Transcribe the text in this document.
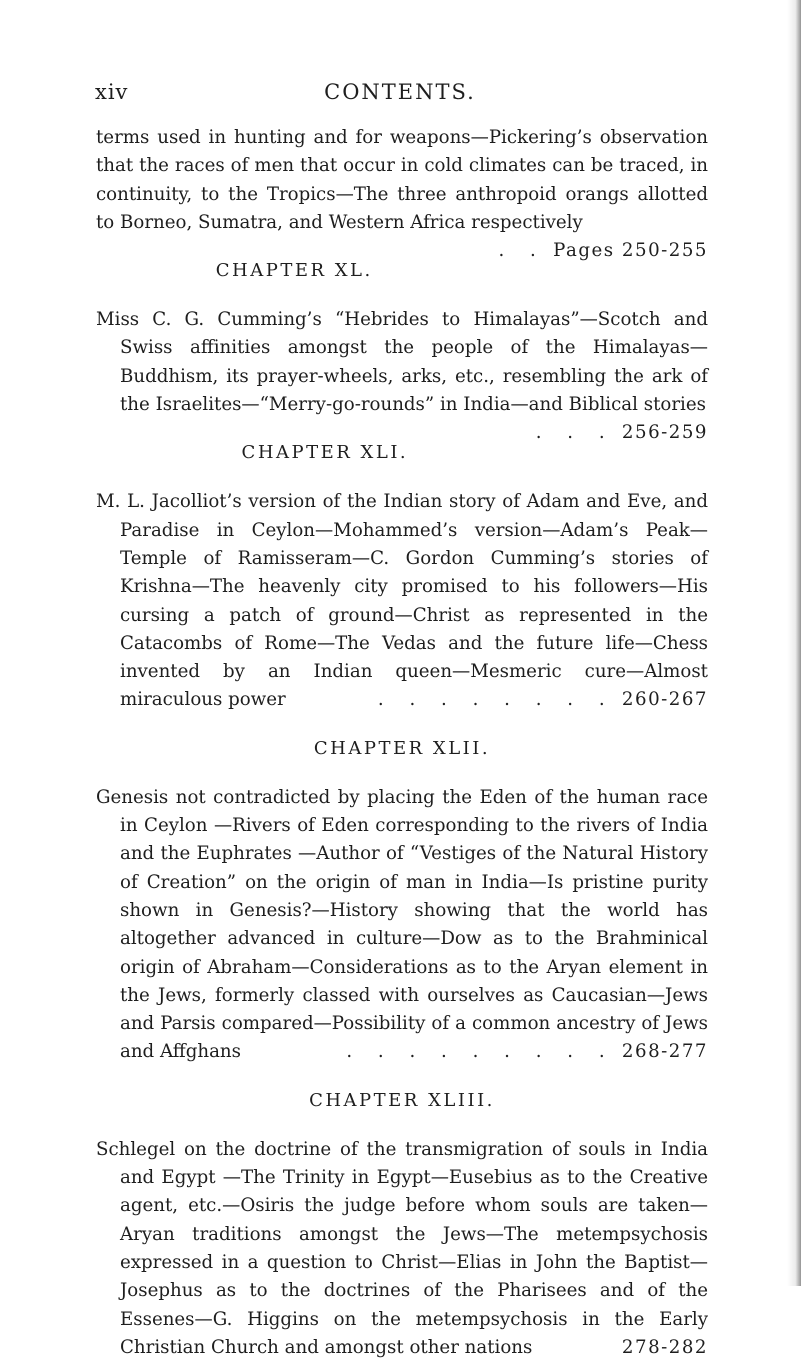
xiv	CONTENTS.

terms used in hunting and for weapons—Pickering’s observation that the races of men that occur in cold climates can be traced, in continuity, to the Tropics—The three anthropoid orangs allotted to Borneo, Sumatra, and Western Africa respectively
. . Pages 250-255

CHAPTER XL.

Miss C. G. Cumming’s “Hebrides to Himalayas”—Scotch and Swiss affinities amongst the people of the Himalayas—Buddhism, its prayer-wheels, arks, etc., resembling the ark of the Israelites—“Merry-go-rounds” in India—and Biblical stories
. . . 256-259

CHAPTER XLI.

M. L. Jacolliot’s version of the Indian story of Adam and Eve, and Paradise in Ceylon—Mohammed’s version—Adam’s Peak—Temple of Ramisseram—C. Gordon Cumming’s stories of Krishna—The heavenly city promised to his followers—His cursing a patch of ground—Christ as represented in the Catacombs of Rome—The Vedas and the future life—Chess invented by an Indian queen—Mesmeric cure—Almost miraculous power	. . . . . . . . 260-267

CHAPTER XLII.

Genesis not contradicted by placing the Eden of the human race in Ceylon —Rivers of Eden corresponding to the rivers of India and the Euphrates —Author of “Vestiges of the Natural History of Creation” on the origin of man in India—Is pristine purity shown in Genesis?—History showing that the world has altogether advanced in culture—Dow as to the Brahminical origin of Abraham—Considerations as to the Aryan element in the Jews, formerly classed with ourselves as Caucasian—Jews and Parsis compared—Possibility of a common ancestry of Jews and Affghans	. . . . . . . . . 268-277

CHAPTER XLIII.

Schlegel on the doctrine of the transmigration of souls in India and Egypt —The Trinity in Egypt—Eusebius as to the Creative agent, etc.—Osiris the judge before whom souls are taken—Aryan traditions amongst the Jews—The metempsychosis expressed in a question to Christ—Elias in John the Baptist—Josephus as to the doctrines of the Pharisees and of the Essenes—G. Higgins on the metempsychosis in the Early Christian Church and amongst other nations	278-282
